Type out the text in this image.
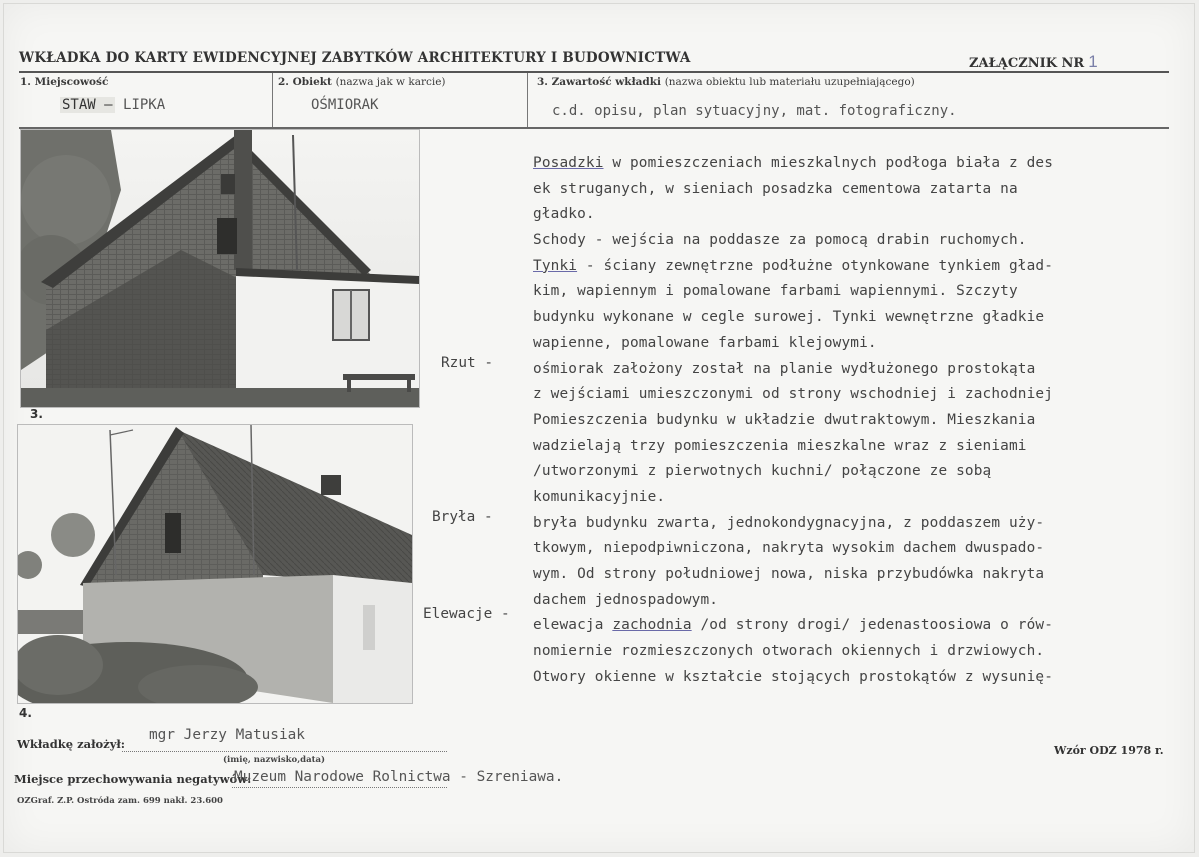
WKŁADKA DO KARTY EWIDENCYJNEJ ZABYTKÓW ARCHITEKTURY I BUDOWNICTWA	ZAŁĄCZNIK NR 1
1. Miejscowość	2. Obiekt (nazwa jak w karcie)	3. Zawartość wkładki (nazwa obiektu lub materiału uzupełniającego)
STAW – LIPKA	OŚMIORAK	c.d. opisu, plan sytuacyjny, mat. fotograficzny.
3.
4.
Rzut -
Bryła -
Elewacje -
Posadzki w pomieszczeniach mieszkalnych podłoga biała z des
ek struganych, w sieniach posadzka cementowa zatarta na
gładko.
Schody - wejścia na poddasze za pomocą drabin ruchomych.
Tynki - ściany zewnętrzne podłużne otynkowane tynkiem gład-
kim, wapiennym i pomalowane farbami wapiennymi. Szczyty
budynku wykonane w cegle surowej. Tynki wewnętrzne gładkie
wapienne, pomalowane farbami klejowymi.
ośmiorak założony został na planie wydłużonego prostokąta
z wejściami umieszczonymi od strony wschodniej i zachodniej
Pomieszczenia budynku w układzie dwutraktowym. Mieszkania
wadzielają trzy pomieszczenia mieszkalne wraz z sieniami
/utworzonymi z pierwotnych kuchni/ połączone ze sobą
komunikacyjnie.
bryła budynku zwarta, jednokondygnacyjna, z poddaszem uży-
tkowym, niepodpiwniczona, nakryta wysokim dachem dwuspado-
wym. Od strony południowej nowa, niska przybudówka nakryta
dachem jednospadowym.
elewacja zachodnia /od strony drogi/ jedenastoosiowa o rów-
nomiernie rozmieszczonych otworach okiennych i drzwiowych.
Otwory okienne w kształcie stojących prostokątów z wysunię-
Wkładkę założył:
mgr Jerzy Matusiak
(imię, nazwisko,data)
Wzór ODZ 1978 r.
Miejsce przechowywania negatywów:
Muzeum Narodowe Rolnictwa - Szreniawa.
OZGraf. Z.P. Ostróda zam. 699 nakł. 23.600
